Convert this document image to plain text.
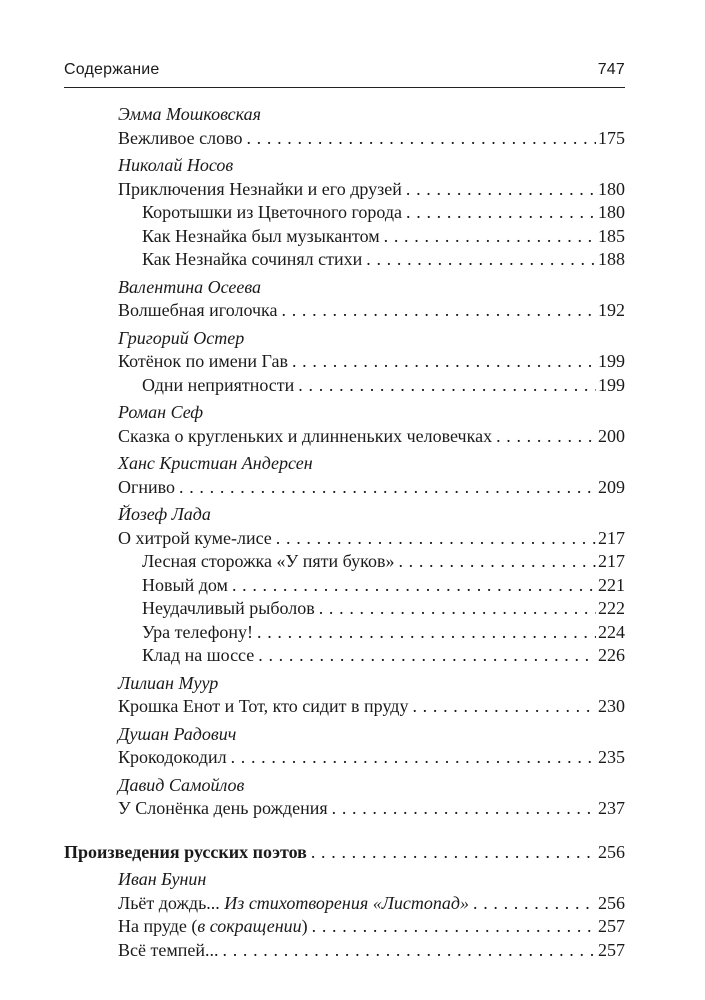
Содержание	747
Эмма Мошковская
Вежливое слово . . .	175
Николай Носов
Приключения Незнайки и его друзей . . .	180
Коротышки из Цветочного города . . .	180
Как Незнайка был музыкантом . . .	185
Как Незнайка сочинял стихи . . .	188
Валентина Осеева
Волшебная иголочка . . .	192
Григорий Остер
Котёнок по имени Гав . . .	199
Одни неприятности . . .	199
Роман Сеф
Сказка о кругленьких и длинненьких человечках . . .	200
Ханс Кристиан Андерсен
Огниво . . .	209
Йозеф Лада
О хитрой куме-лисе . . .	217
Лесная сторожка «У пяти буков» . . .	217
Новый дом . . .	221
Неудачливый рыболов . . .	222
Ура телефону! . . .	224
Клад на шоссе . . .	226
Лилиан Муур
Крошка Енот и Тот, кто сидит в пруду . . .	230
Душан Радович
Крокодокодил . . .	235
Давид Самойлов
У Слонёнка день рождения . . .	237
Произведения русских поэтов . . .	256
Иван Бунин
Льёт дождь... Из стихотворения «Листопад» . . .	256
На пруде (в сокращении) . . .	257
Всё темпей... . . .	257
